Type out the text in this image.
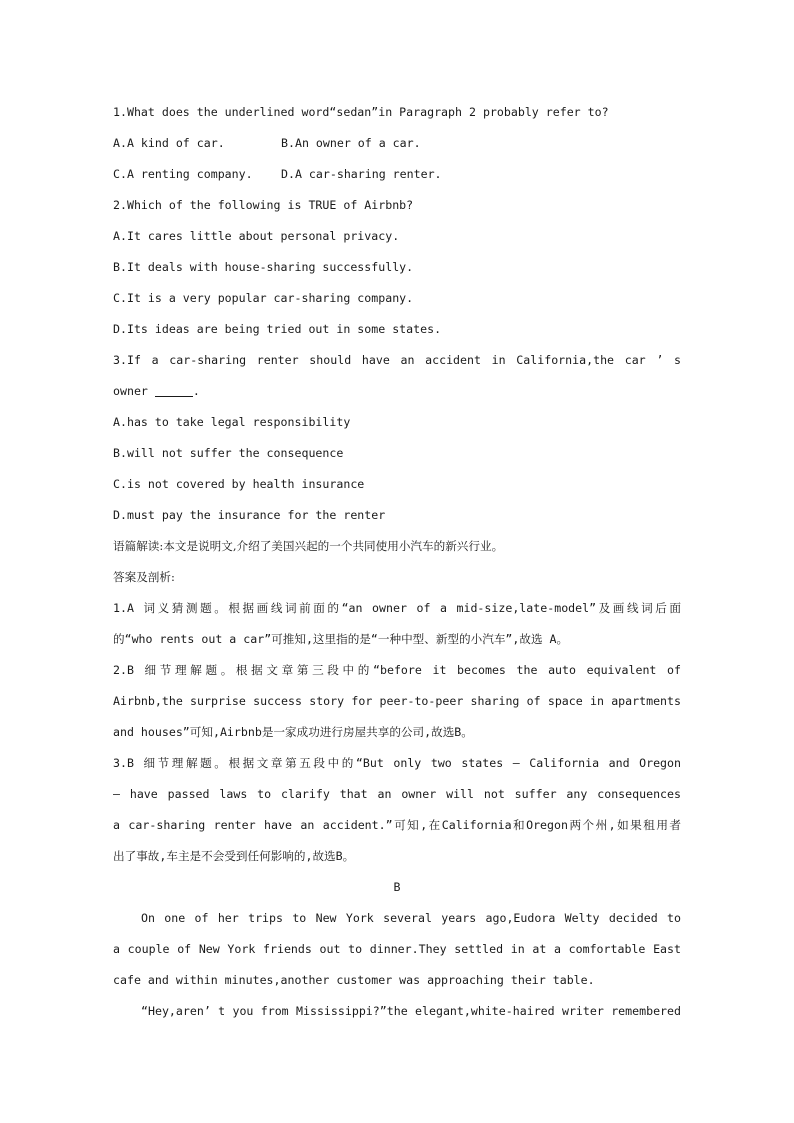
1.What does the underlined word“sedan”in Paragraph 2 probably refer to?
A.A kind of car.	B.An owner of a car.
C.A renting company.	D.A car-sharing renter.
2.Which of the following is TRUE of Airbnb?
A.It cares little about personal privacy.
B.It deals with house-sharing successfully.
C.It is a very popular car-sharing company.
D.Its ideas are being tried out in some states.
3.If a car-sharing renter should have an accident in California,the car ’ s
owner	.
A.has to take legal responsibility
B.will not suffer the consequence
C.is not covered by health insurance
D.must pay the insurance for the renter
语篇解读:本文是说明文,介绍了美国兴起的一个共同使用小汽车的新兴行业。
答案及剖析:
1.A 词义猜测题。根据画线词前面的“an owner of a mid-size,late-model”及画线词后面
的“who rents out a car”可推知,这里指的是“一种中型、新型的小汽车”,故选 A。
2.B 细节理解题。根据文章第三段中的“before it becomes the auto equivalent of
Airbnb,the surprise success story for peer-to-peer sharing of space in apartments
and houses”可知,Airbnb是一家成功进行房屋共享的公司,故选B。
3.B 细节理解题。根据文章第五段中的“But only two states — California and Oregon
— have passed laws to clarify that an owner will not suffer any consequences
a car-sharing renter have an accident.”可知,在California和Oregon两个州,如果租用者
出了事故,车主是不会受到任何影响的,故选B。
B
On one of her trips to New York several years ago,Eudora Welty decided to
a couple of New York friends out to dinner.They settled in at a comfortable East
cafe and within minutes,another customer was approaching their table.
“Hey,aren’ t you from Mississippi?”the elegant,white-haired writer remembered
